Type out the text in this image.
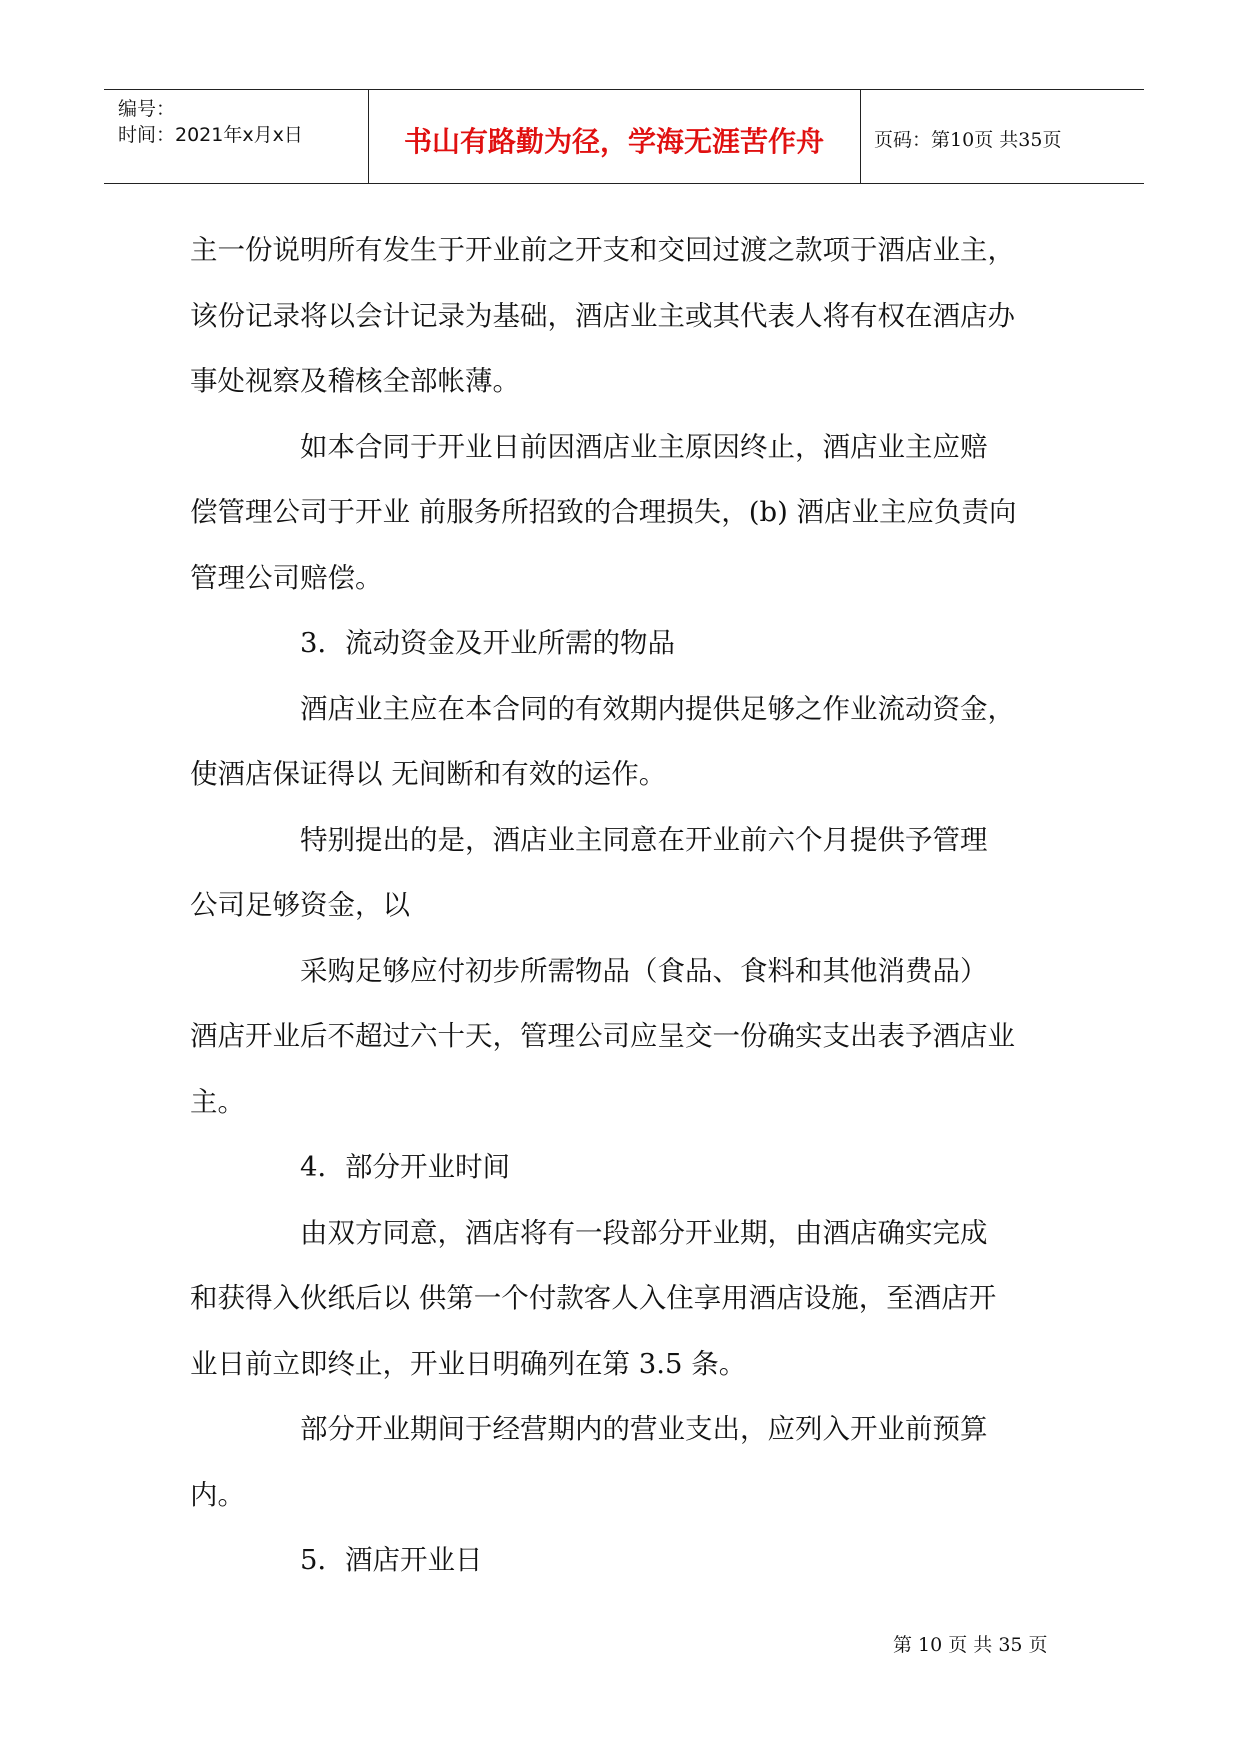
编号：
时间：2021年x月x日	书山有路勤为径，学海无涯苦作舟	页码：第10页 共35页

主一份说明所有发生于开业前之开支和交回过渡之款项于酒店业主，

该份记录将以会计记录为基础，酒店业主或其代表人将有权在酒店办

事处视察及稽核全部帐薄。

　　　　如本合同于开业日前因酒店业主原因终止，酒店业主应赔

偿管理公司于开业 前服务所招致的合理损失，(b) 酒店业主应负责向

管理公司赔偿。

　　　　3．流动资金及开业所需的物品

　　　　酒店业主应在本合同的有效期内提供足够之作业流动资金，

使酒店保证得以 无间断和有效的运作。

　　　　特别提出的是，酒店业主同意在开业前六个月提供予管理

公司足够资金，以

　　　　采购足够应付初步所需物品（食品、食料和其他消费品）

酒店开业后不超过六十天，管理公司应呈交一份确实支出表予酒店业

主。

　　　　4．部分开业时间

　　　　由双方同意，酒店将有一段部分开业期，由酒店确实完成

和获得入伙纸后以 供第一个付款客人入住享用酒店设施，至酒店开

业日前立即终止，开业日明确列在第 3.5 条。

　　　　部分开业期间于经营期内的营业支出，应列入开业前预算

内。

　　　　5．酒店开业日

第 10 页 共 35 页
